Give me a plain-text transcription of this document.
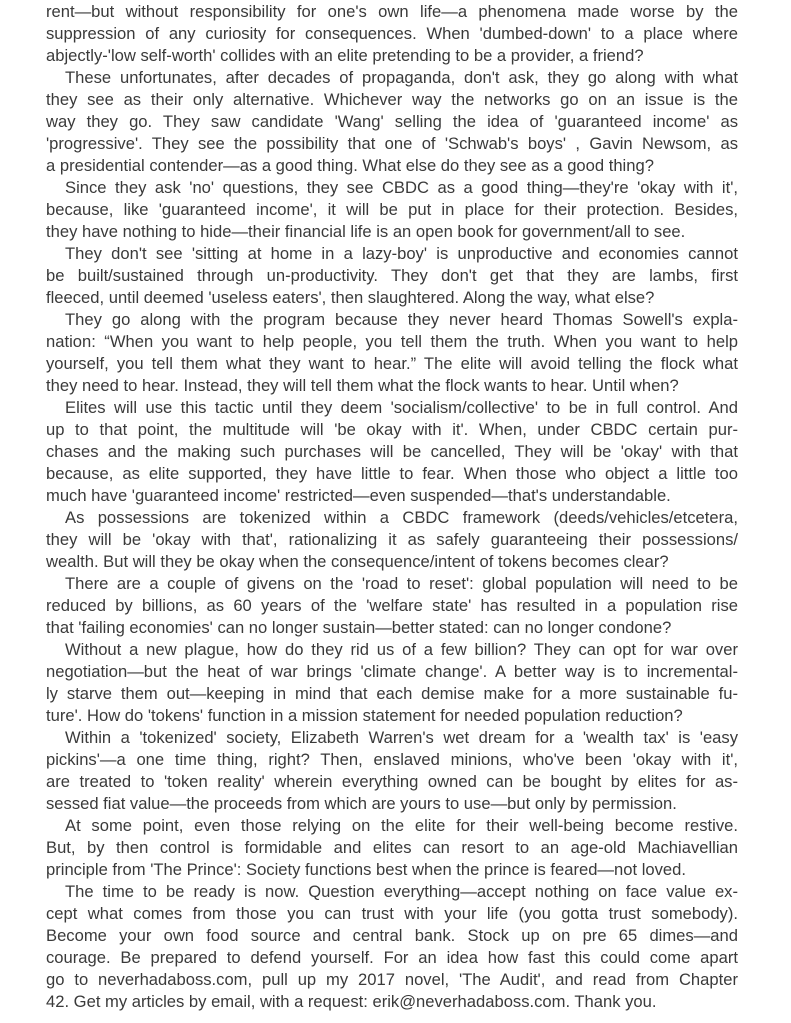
rent—but without responsibility for one's own life—a phenomena made worse by the
suppression of any curiosity for consequences. When 'dumbed-down' to a place where
abjectly-'low self-worth' collides with an elite pretending to be a provider, a friend?
These unfortunates, after decades of propaganda, don't ask, they go along with what
they see as their only alternative. Whichever way the networks go on an issue is the
way they go. They saw candidate 'Wang' selling the idea of 'guaranteed income' as
'progressive'. They see the possibility that one of 'Schwab's boys' , Gavin Newsom, as
a presidential contender—as a good thing. What else do they see as a good thing?
Since they ask 'no' questions, they see CBDC as a good thing—they're 'okay with it',
because, like 'guaranteed income', it will be put in place for their protection. Besides,
they have nothing to hide—their financial life is an open book for government/all to see.
They don't see 'sitting at home in a lazy-boy' is unproductive and economies cannot
be built/sustained through un-productivity. They don't get that they are lambs, first
fleeced, until deemed 'useless eaters', then slaughtered. Along the way, what else?
They go along with the program because they never heard Thomas Sowell's expla-
nation: “When you want to help people, you tell them the truth. When you want to help
yourself, you tell them what they want to hear.” The elite will avoid telling the flock what
they need to hear. Instead, they will tell them what the flock wants to hear. Until when?
Elites will use this tactic until they deem 'socialism/collective' to be in full control. And
up to that point, the multitude will 'be okay with it'. When, under CBDC certain pur-
chases and the making such purchases will be cancelled, They will be 'okay' with that
because, as elite supported, they have little to fear. When those who object a little too
much have 'guaranteed income' restricted—even suspended—that's understandable.
As possessions are tokenized within a CBDC framework (deeds/vehicles/etcetera,
they will be 'okay with that', rationalizing it as safely guaranteeing their possessions/
wealth. But will they be okay when the consequence/intent of tokens becomes clear?
There are a couple of givens on the 'road to reset': global population will need to be
reduced by billions, as 60 years of the 'welfare state' has resulted in a population rise
that 'failing economies' can no longer sustain—better stated: can no longer condone?
Without a new plague, how do they rid us of a few billion? They can opt for war over
negotiation—but the heat of war brings 'climate change'. A better way is to incremental-
ly starve them out—keeping in mind that each demise make for a more sustainable fu-
ture'. How do 'tokens' function in a mission statement for needed population reduction?
Within a 'tokenized' society, Elizabeth Warren's wet dream for a 'wealth tax' is 'easy
pickins'—a one time thing, right? Then, enslaved minions, who've been 'okay with it',
are treated to 'token reality' wherein everything owned can be bought by elites for as-
sessed fiat value—the proceeds from which are yours to use—but only by permission.
At some point, even those relying on the elite for their well-being become restive.
But, by then control is formidable and elites can resort to an age-old Machiavellian
principle from 'The Prince': Society functions best when the prince is feared—not loved.
The time to be ready is now. Question everything—accept nothing on face value ex-
cept what comes from those you can trust with your life (you gotta trust somebody).
Become your own food source and central bank. Stock up on pre 65 dimes—and
courage. Be prepared to defend yourself. For an idea how fast this could come apart
go to neverhadaboss.com, pull up my 2017 novel, 'The Audit', and read from Chapter
42. Get my articles by email, with a request: erik@neverhadaboss.com. Thank you.
